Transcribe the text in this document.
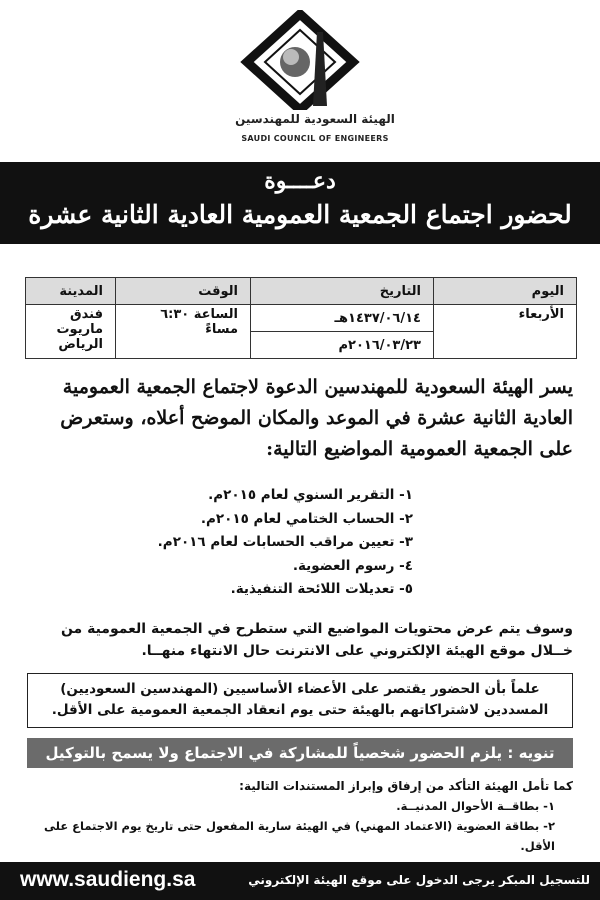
الهيئة السعودية للمهندسين
SAUDI COUNCIL OF ENGINEERS
دعــــوة
لحضور اجتماع الجمعية العمومية العادية الثانية عشرة
اليوم	التاريخ	الوقت	المدينة
الأربعاء	١٤٣٧/٠٦/١٤هـ	الساعة ٦:٣٠ مساءً	فندق ماريوت الرياض
	٢٠١٦/٠٣/٢٣م		
يسر الهيئة السعودية للمهندسين الدعوة لاجتماع الجمعية العمومية العادية الثانية عشرة في الموعد والمكان الموضح أعلاه، وستعرض على الجمعية العمومية المواضيع التالية:
١- التقرير السنوي لعام ٢٠١٥م.
٢- الحساب الختامي لعام ٢٠١٥م.
٣- تعيين مراقب الحسابات لعام ٢٠١٦م.
٤- رسوم العضوية.
٥- تعديلات اللائحة التنفيذية.
وسوف يتم عرض محتويات المواضيع التي ستطرح في الجمعية العمومية من خــلال موقع الهيئة الإلكتروني على الانترنت حال الانتهاء منهــا.
علماً بأن الحضور يقتصر على الأعضاء الأساسيين (المهندسين السعوديين) المسددين لاشتراكاتهم بالهيئة حتى يوم انعقاد الجمعية العمومية على الأقل.
تنويه : يلزم الحضور شخصياً للمشاركة في الاجتماع ولا يسمح بالتوكيل
كما تأمل الهيئة التأكد من إرفاق وإبراز المستندات التالية:
١- بطاقــة الأحوال المدنيــة.
٢- بطاقة العضوية (الاعتماد المهني) في الهيئة سارية المفعول حتى تاريخ يوم الاجتماع على الأقل.
www.saudieng.sa	للتسجيل المبكر يرجى الدخول على موقع الهيئة الإلكتروني
